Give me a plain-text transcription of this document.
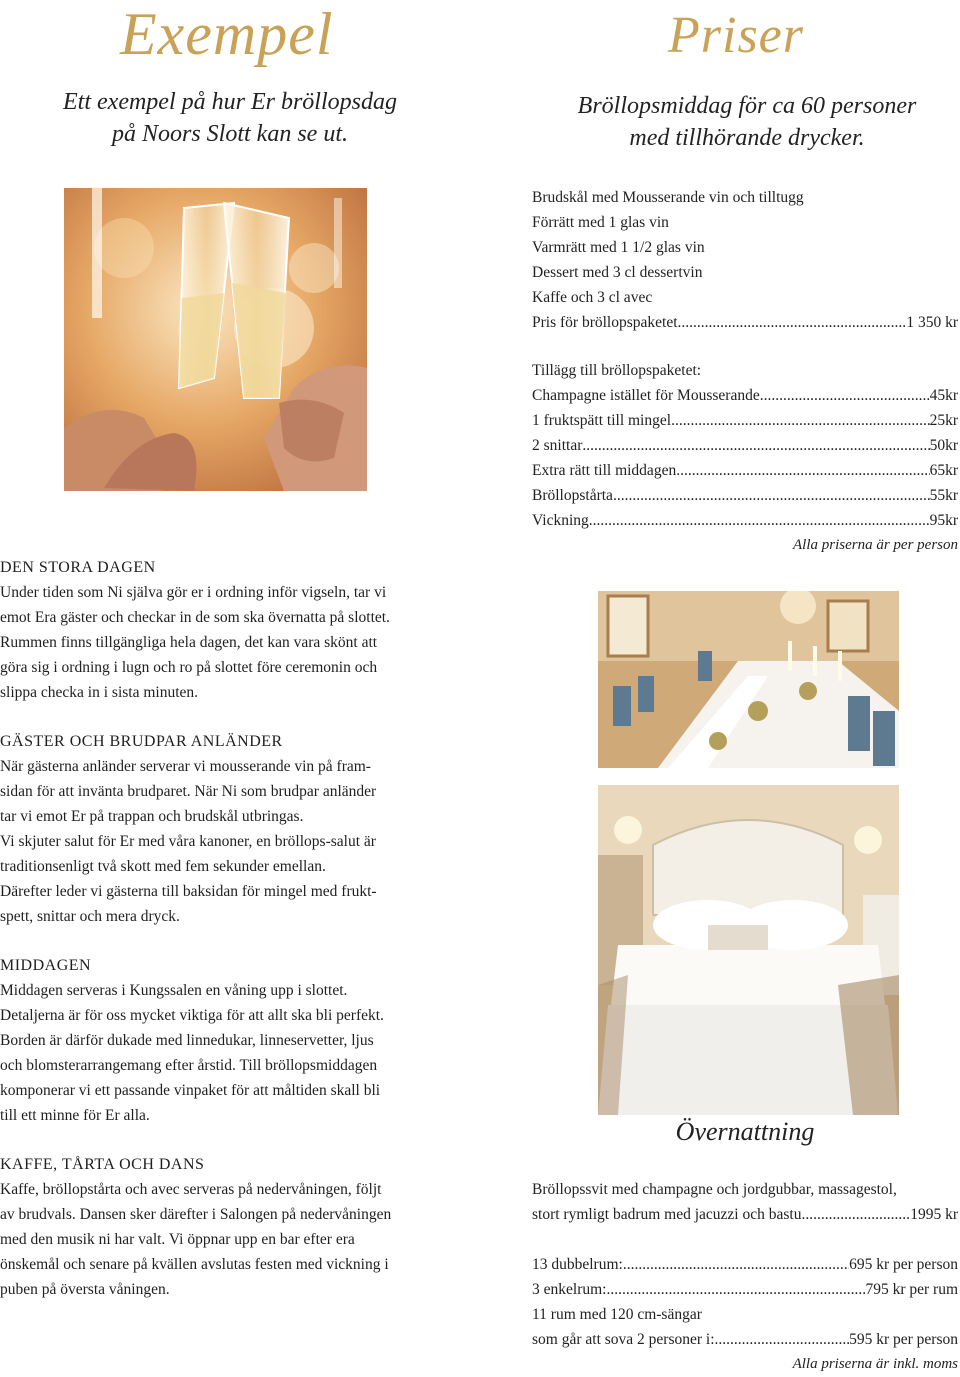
Exempel
Ett exempel på hur Er bröllopsdag
på Noors Slott kan se ut.
Priser
Bröllopsmiddag för ca 60 personer
med tillhörande drycker.
DEN STORA DAGEN

Under tiden som Ni själva gör er i ordning inför vigseln, tar vi

emot Era gäster och checkar in de som ska övernatta på slottet.

Rummen finns tillgängliga hela dagen, det kan vara skönt att

göra sig i ordning i lugn och ro på slottet före ceremonin och

slippa checka in i sista minuten.

GÄSTER OCH BRUDPAR ANLÄNDER

När gästerna anländer serverar vi mousserande vin på fram-

sidan för att invänta brudparet. När Ni som brudpar anländer

tar vi emot Er på trappan och brudskål utbringas.

Vi skjuter salut för Er med våra kanoner, en bröllops-salut är

traditionsenligt två skott med fem sekunder emellan.

Därefter leder vi gästerna till baksidan för mingel med frukt-

spett, snittar och mera dryck.

MIDDAGEN

Middagen serveras i Kungssalen en våning upp i slottet.

Detaljerna är för oss mycket viktiga för att allt ska bli perfekt.

Borden är därför dukade med linnedukar, linneservetter, ljus

och blomsterarrangemang efter årstid. Till bröllopsmiddagen

komponerar vi ett passande vinpaket för att måltiden skall bli

till ett minne för Er alla.

KAFFE, TÅRTA OCH DANS

Kaffe, bröllopstårta och avec serveras på nedervåningen, följt

av brudvals. Dansen sker därefter i Salongen på nedervåningen

med den musik ni har valt. Vi öppnar upp en bar efter era

önskemål och senare på kvällen avslutas festen med vickning i

puben på översta våningen.

Brudskål med Mousserande vin och tilltugg

Förrätt med 1 glas vin

Varmrätt med 1 1/2 glas vin

Dessert med 3 cl dessertvin

Kaffe och 3 cl avec

Pris för bröllopspaketet .....	1 350 kr

Tillägg till bröllopspaketet:

Champagne istället för Mousserande .....	45kr
1 fruktspätt till mingel .....	25kr
2 snittar .....	50kr
Extra rätt till middagen .....	65kr
Bröllopstårta .....	55kr
Vickning .....	95kr
Alla priserna är per person
Övernattning

Bröllopssvit med champagne och jordgubbar, massagestol,

stort rymligt badrum med jacuzzi och bastu .....	1995 kr
13 dubbelrum: .....	695 kr per person
3 enkelrum: .....	795 kr per rum

11 rum med 120 cm-sängar

som går att sova 2 personer i: .....	595 kr per person
Alla priserna är inkl. moms
